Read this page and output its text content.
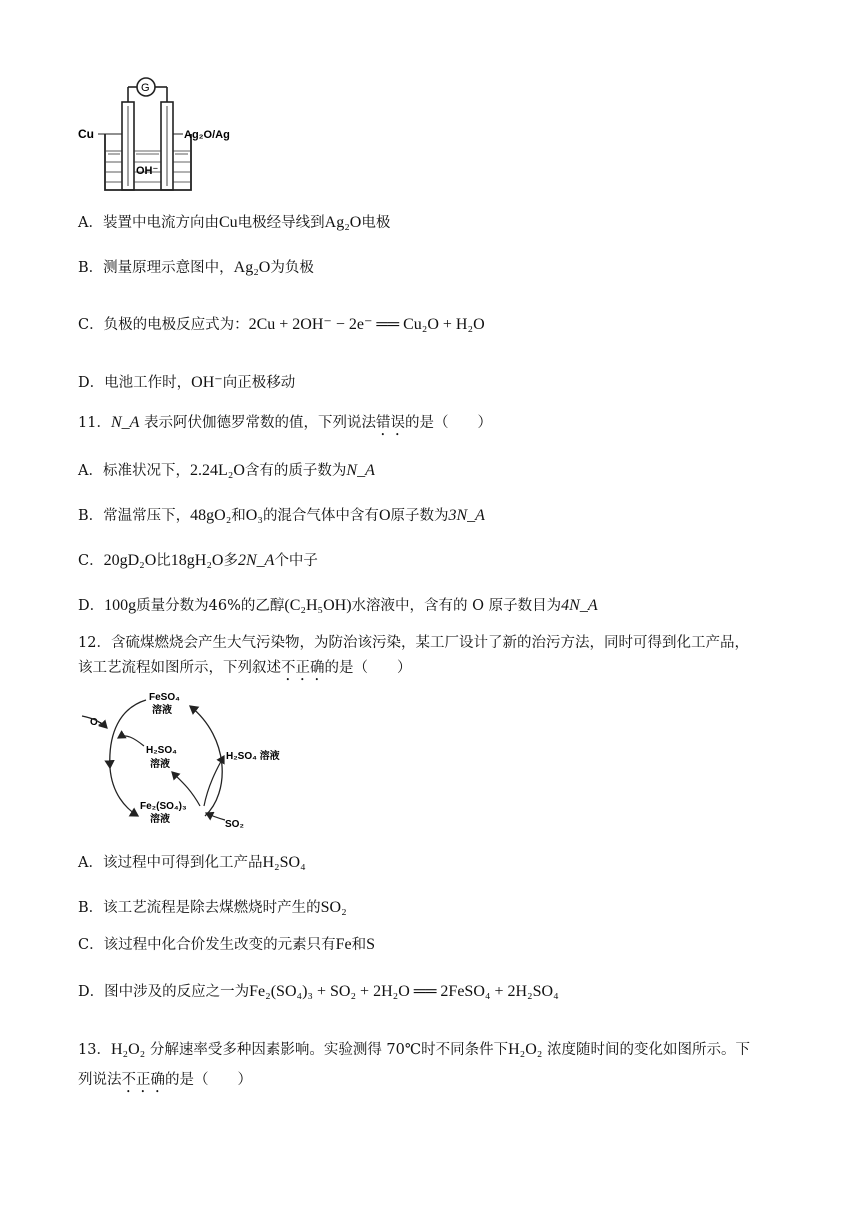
G
Cu	Ag₂O/Ag
OH⁻
A．装置中电流方向由Cu电极经导线到Ag₂O电极
B．测量原理示意图中，Ag₂O为负极
C．负极的电极反应式为：2Cu + 2OH⁻ − 2e⁻ ══ Cu₂O + H₂O
D．电池工作时，OH⁻向正极移动
11．N_A 表示阿伏伽德罗常数的值，下列说法错误的是（　　）
A．标准状况下，2.24L₂O含有的质子数为N_A
B．常温常压下，48gO₂和O₃的混合气体中含有O原子数为3N_A
C．20gD₂O比18gH₂O多2N_A个中子
D．100g质量分数为46%的乙醇(C₂H₅OH)水溶液中，含有的 O 原子数目为4N_A
12．含硫煤燃烧会产生大气污染物，为防治该污染，某工厂设计了新的治污方法，同时可得到化工产品，
该工艺流程如图所示，下列叙述不正确的是（　　）
FeSO₄
溶液
O₂
H₂SO₄
溶液
H₂SO₄ 溶液
Fe₂(SO₄)₃
溶液	SO₂
A．该过程中可得到化工产品H₂SO₄
B．该工艺流程是除去煤燃烧时产生的SO₂
C．该过程中化合价发生改变的元素只有Fe和S
D．图中涉及的反应之一为Fe₂(SO₄)₃ + SO₂ + 2H₂O ══ 2FeSO₄ + 2H₂SO₄
13．H₂O₂ 分解速率受多种因素影响。实验测得 70℃时不同条件下H₂O₂ 浓度随时间的变化如图所示。下
列说法不正确的是（　　）
